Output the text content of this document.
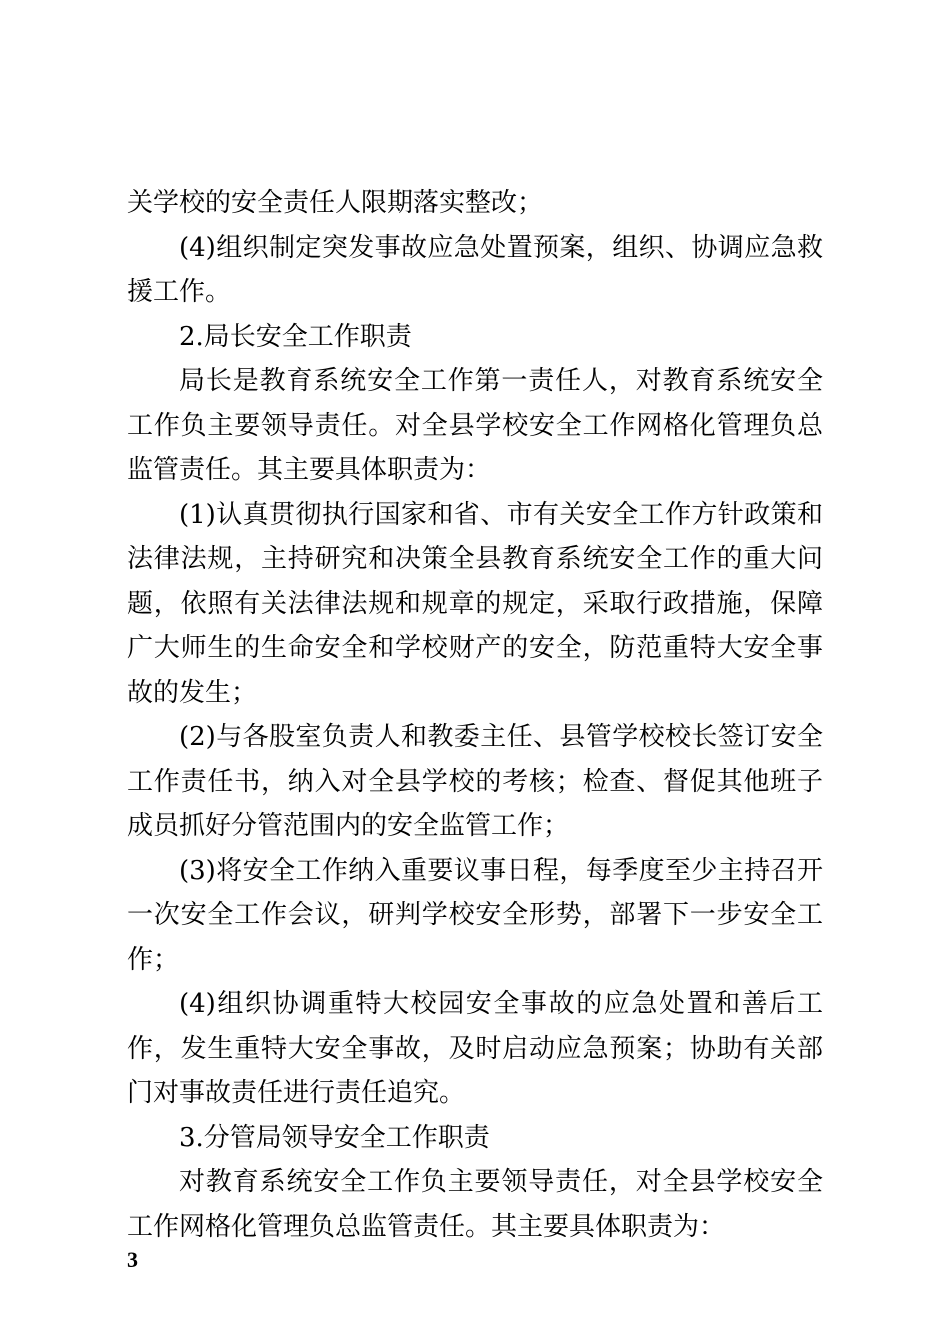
关学校的安全责任人限期落实整改；

(4)组织制定突发事故应急处置预案，组织、协调应急救援工作。

2.局长安全工作职责

局长是教育系统安全工作第一责任人，对教育系统安全工作负主要领导责任。对全县学校安全工作网格化管理负总监管责任。其主要具体职责为：

(1)认真贯彻执行国家和省、市有关安全工作方针政策和法律法规，主持研究和决策全县教育系统安全工作的重大问题，依照有关法律法规和规章的规定，采取行政措施，保障广大师生的生命安全和学校财产的安全，防范重特大安全事故的发生；

(2)与各股室负责人和教委主任、县管学校校长签订安全工作责任书，纳入对全县学校的考核；检查、督促其他班子成员抓好分管范围内的安全监管工作；

(3)将安全工作纳入重要议事日程，每季度至少主持召开一次安全工作会议，研判学校安全形势，部署下一步安全工作；

(4)组织协调重特大校园安全事故的应急处置和善后工作，发生重特大安全事故，及时启动应急预案；协助有关部门对事故责任进行责任追究。

3.分管局领导安全工作职责

对教育系统安全工作负主要领导责任，对全县学校安全工作网格化管理负总监管责任。其主要具体职责为：

3
